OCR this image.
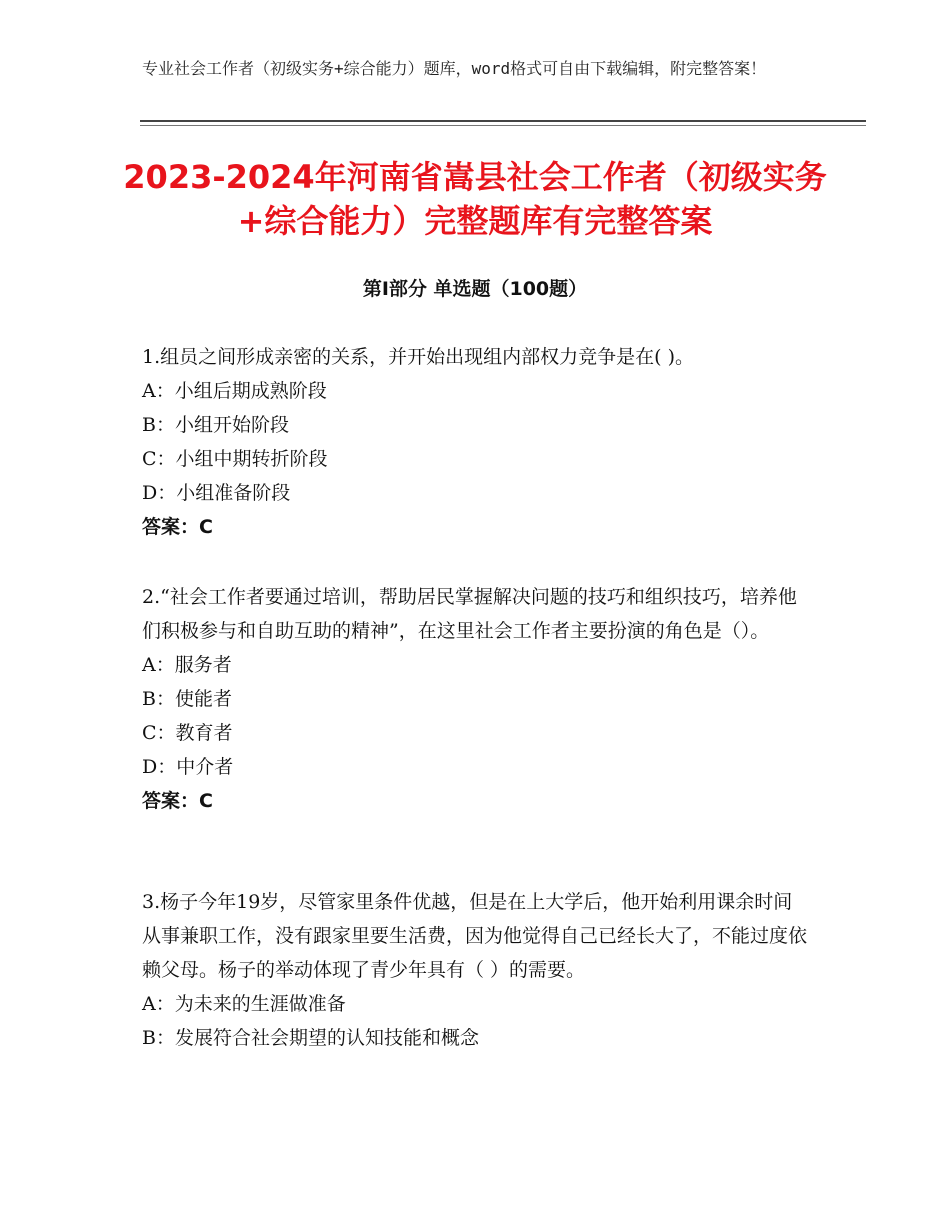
专业社会工作者（初级实务+综合能力）题库，word格式可自由下载编辑，附完整答案！
2023-2024年河南省嵩县社会工作者（初级实务+综合能力）完整题库有完整答案
第Ⅰ部分 单选题（100题）

1.组员之间形成亲密的关系，并开始出现组内部权力竞争是在( )。

A：小组后期成熟阶段

B：小组开始阶段

C：小组中期转折阶段

D：小组准备阶段

答案：C

2.“社会工作者要通过培训，帮助居民掌握解决问题的技巧和组织技巧，培养他们积极参与和自助互助的精神”，在这里社会工作者主要扮演的角色是（）。

A：服务者

B：使能者

C：教育者

D：中介者

答案：C

3.杨子今年19岁，尽管家里条件优越，但是在上大学后，他开始利用课余时间从事兼职工作，没有跟家里要生活费，因为他觉得自己已经长大了，不能过度依赖父母。杨子的举动体现了青少年具有（ ）的需要。

A：为未来的生涯做准备

B：发展符合社会期望的认知技能和概念
